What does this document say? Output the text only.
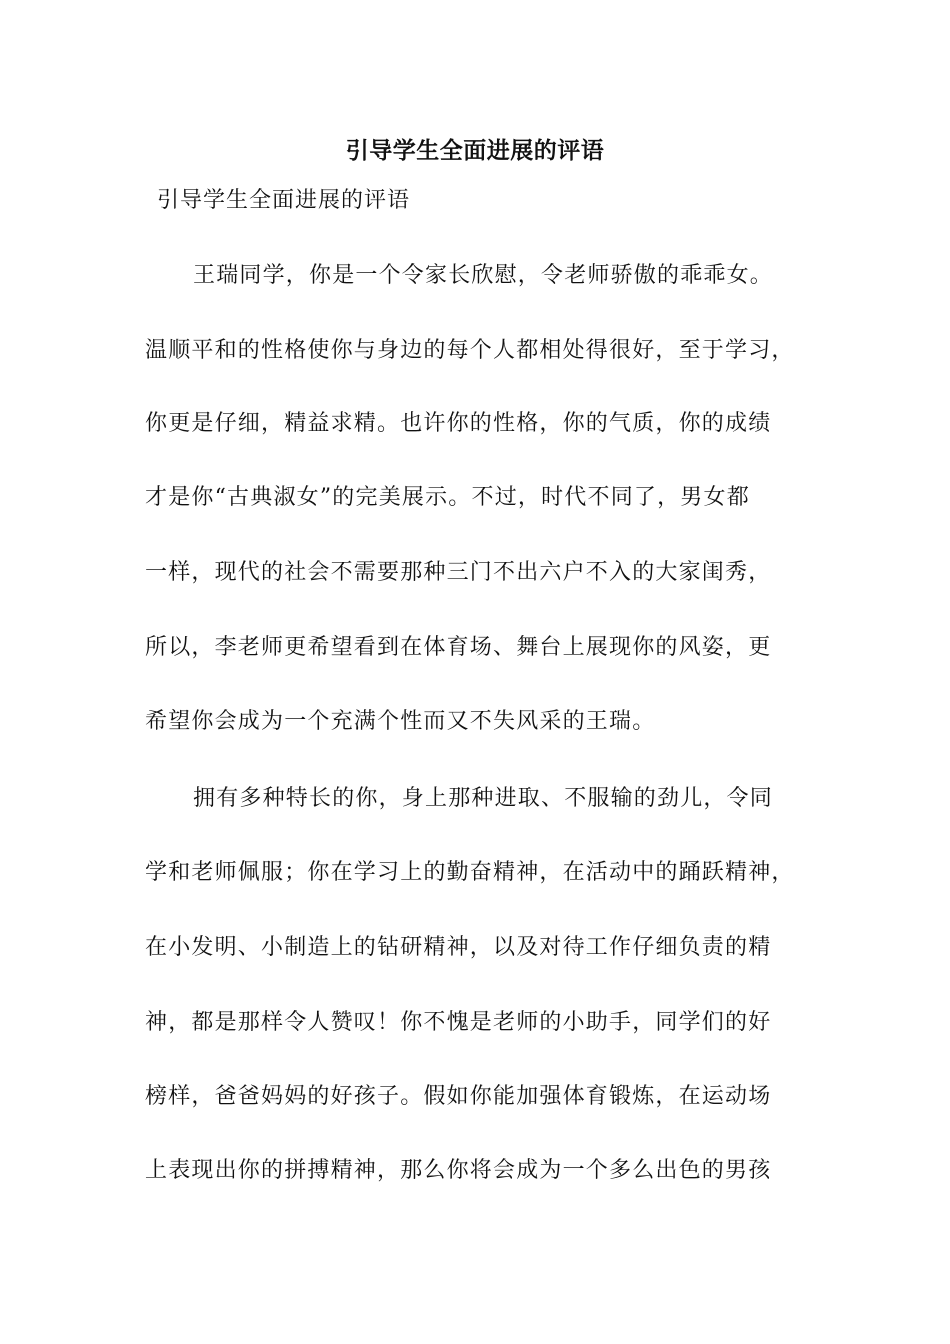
引导学生全面进展的评语
引导学生全面进展的评语
王瑞同学，你是一个令家长欣慰，令老师骄傲的乖乖女。
温顺平和的性格使你与身边的每个人都相处得很好，至于学习，
你更是仔细，精益求精。也许你的性格，你的气质，你的成绩
才是你“古典淑女”的完美展示。不过，时代不同了，男女都
一样，现代的社会不需要那种三门不出六户不入的大家闺秀，
所以，李老师更希望看到在体育场、舞台上展现你的风姿，更
希望你会成为一个充满个性而又不失风采的王瑞。
拥有多种特长的你，身上那种进取、不服输的劲儿，令同
学和老师佩服；你在学习上的勤奋精神，在活动中的踊跃精神，
在小发明、小制造上的钻研精神，以及对待工作仔细负责的精
神，都是那样令人赞叹！你不愧是老师的小助手，同学们的好
榜样，爸爸妈妈的好孩子。假如你能加强体育锻炼，在运动场
上表现出你的拼搏精神，那么你将会成为一个多么出色的男孩
